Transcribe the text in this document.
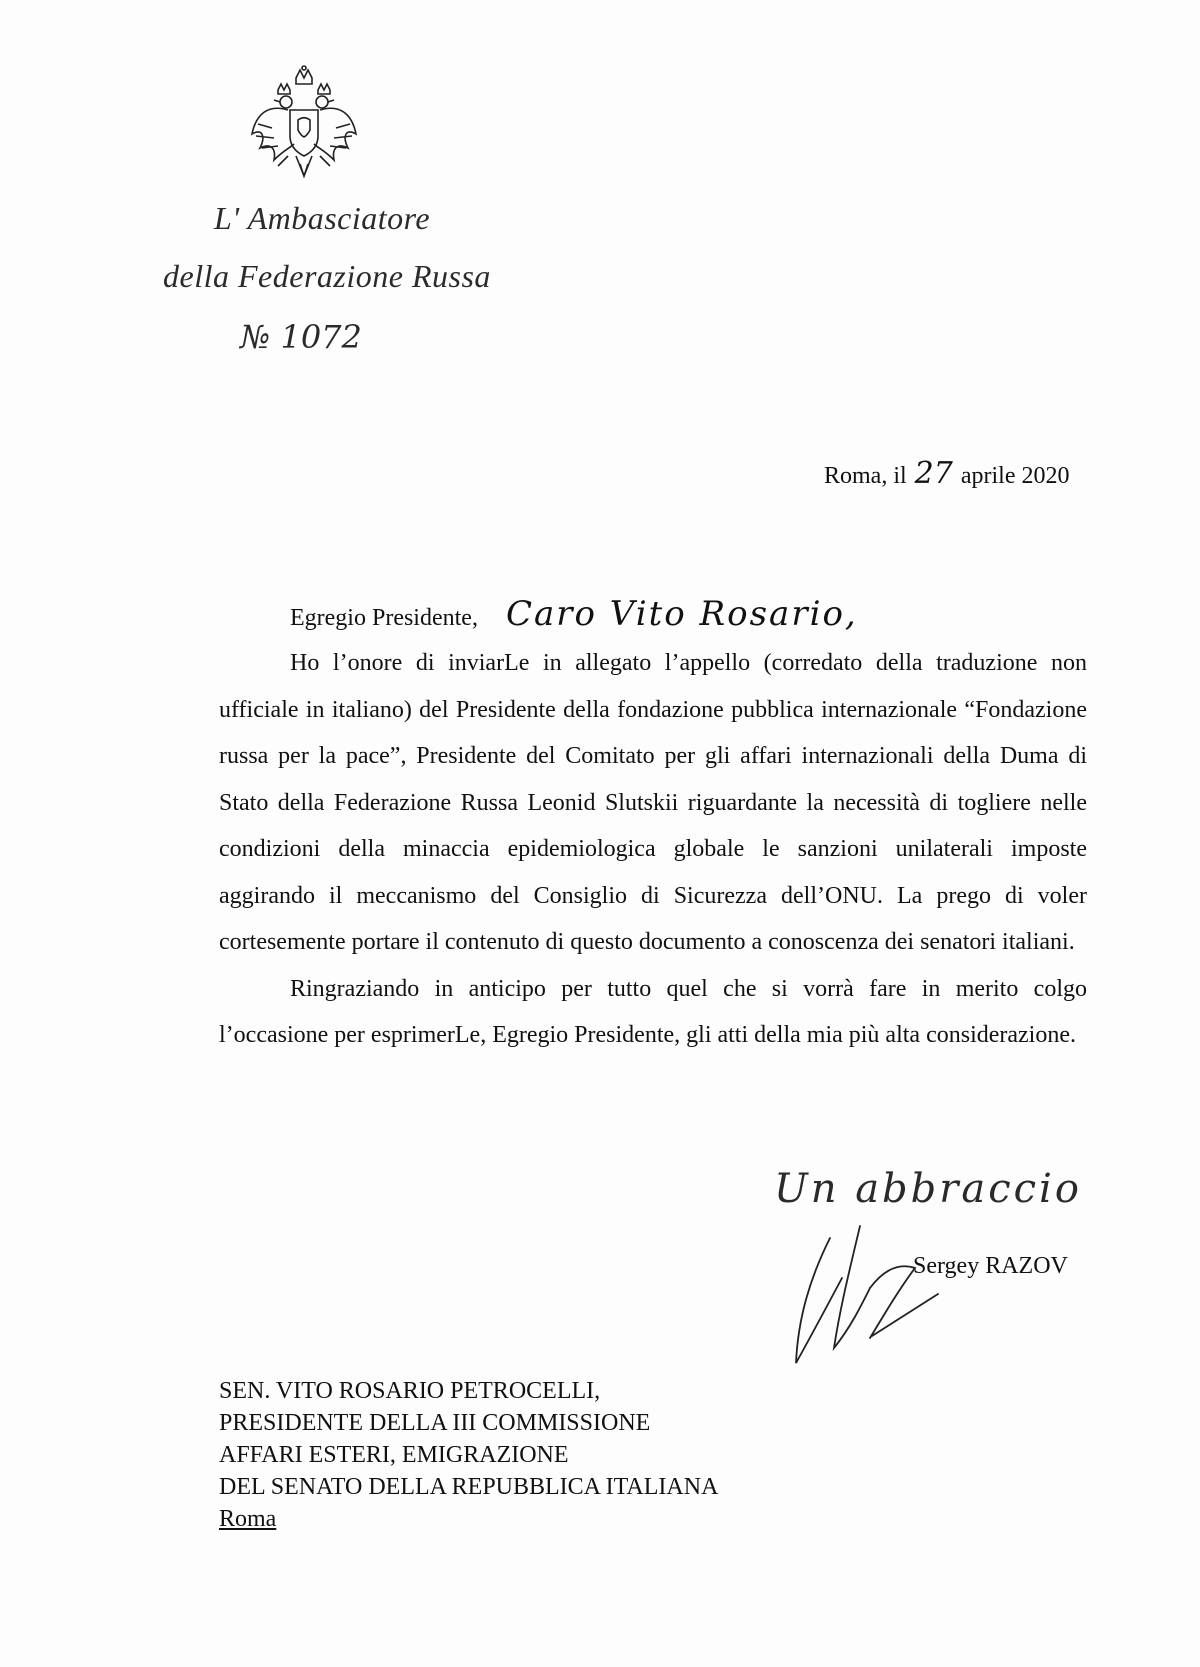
L' Ambasciatore
della Federazione Russa
№ 1072
Roma, il 27 aprile 2020
Egregio Presidente, Caro Vito Rosario,

Ho l’onore di inviarLe in allegato l’appello (corredato della traduzione non ufficiale in italiano) del Presidente della fondazione pubblica internazionale “Fondazione russa per la pace”, Presidente del Comitato per gli affari internazionali della Duma di Stato della Federazione Russa Leonid Slutskii riguardante la necessità di togliere nelle condizioni della minaccia epidemiologica globale le sanzioni unilaterali imposte aggirando il meccanismo del Consiglio di Sicurezza dell’ONU. La prego di voler cortesemente portare il contenuto di questo documento a conoscenza dei senatori italiani.

Ringraziando in anticipo per tutto quel che si vorrà fare in merito colgo l’occasione per esprimerLe, Egregio Presidente, gli atti della mia più alta considerazione.

Un abbraccio
Sergey RAZOV
SEN. VITO ROSARIO PETROCELLI,
PRESIDENTE DELLA III COMMISSIONE
AFFARI ESTERI, EMIGRAZIONE
DEL SENATO DELLA REPUBBLICA ITALIANA
Roma
